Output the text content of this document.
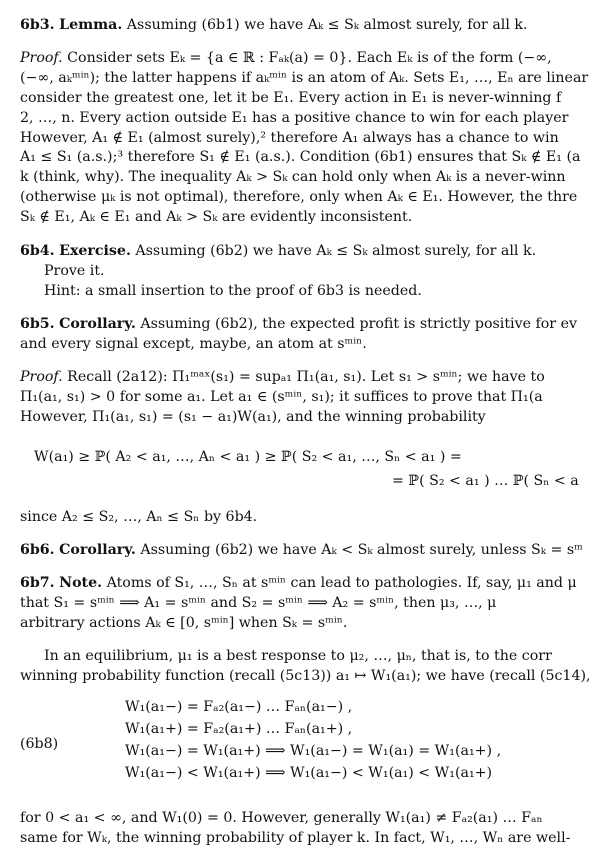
6b3. Lemma. Assuming (6b1) we have Aₖ ≤ Sₖ almost surely, for all k.
Proof. Consider sets Eₖ = {a ∈ ℝ : Fₐₖ(a) = 0}. Each Eₖ is of the form (−∞,
(−∞, aₖᵐⁱⁿ); the latter happens if aₖᵐⁱⁿ is an atom of Aₖ. Sets E₁, …, Eₙ are linear
consider the greatest one, let it be E₁. Every action in E₁ is never-winning f
2, …, n. Every action outside E₁ has a positive chance to win for each player
However, A₁ ∉ E₁ (almost surely),² therefore A₁ always has a chance to win
A₁ ≤ S₁ (a.s.);³ therefore S₁ ∉ E₁ (a.s.). Condition (6b1) ensures that Sₖ ∉ E₁ (a
k (think, why). The inequality Aₖ > Sₖ can hold only when Aₖ is a never-winn
(otherwise μₖ is not optimal), therefore, only when Aₖ ∈ E₁. However, the thre
Sₖ ∉ E₁, Aₖ ∈ E₁ and Aₖ > Sₖ are evidently inconsistent.
6b4. Exercise. Assuming (6b2) we have Aₖ ≤ Sₖ almost surely, for all k.
Prove it.
Hint: a small insertion to the proof of 6b3 is needed.
6b5. Corollary. Assuming (6b2), the expected profit is strictly positive for ev
and every signal except, maybe, an atom at sᵐⁱⁿ.
Proof. Recall (2a12): Π₁ᵐᵃˣ(s₁) = supₐ₁ Π₁(a₁, s₁). Let s₁ > sᵐⁱⁿ; we have to
Π₁(a₁, s₁) > 0 for some a₁. Let a₁ ∈ (sᵐⁱⁿ, s₁); it suffices to prove that Π₁(a
However, Π₁(a₁, s₁) = (s₁ − a₁)W(a₁), and the winning probability
W(a₁) ≥ ℙ( A₂ < a₁, …, Aₙ < a₁ ) ≥ ℙ( S₂ < a₁, …, Sₙ < a₁ ) =
= ℙ( S₂ < a₁ ) … ℙ( Sₙ < a
since A₂ ≤ S₂, …, Aₙ ≤ Sₙ by 6b4.
6b6. Corollary. Assuming (6b2) we have Aₖ < Sₖ almost surely, unless Sₖ = sᵐ
6b7. Note. Atoms of S₁, …, Sₙ at sᵐⁱⁿ can lead to pathologies. If, say, μ₁ and μ
that S₁ = sᵐⁱⁿ ⟹ A₁ = sᵐⁱⁿ and S₂ = sᵐⁱⁿ ⟹ A₂ = sᵐⁱⁿ, then μ₃, …, μ
arbitrary actions Aₖ ∈ [0, sᵐⁱⁿ] when Sₖ = sᵐⁱⁿ.
In an equilibrium, μ₁ is a best response to μ₂, …, μₙ, that is, to the corr
winning probability function (recall (5c13)) a₁ ↦ W₁(a₁); we have (recall (5c14),
(6b8)
W₁(a₁−) = Fₐ₂(a₁−) … Fₐₙ(a₁−) ,
W₁(a₁+) = Fₐ₂(a₁+) … Fₐₙ(a₁+) ,
W₁(a₁−) = W₁(a₁+) ⟹ W₁(a₁−) = W₁(a₁) = W₁(a₁+) ,
W₁(a₁−) < W₁(a₁+) ⟹ W₁(a₁−) < W₁(a₁) < W₁(a₁+)
for 0 < a₁ < ∞, and W₁(0) = 0. However, generally W₁(a₁) ≠ Fₐ₂(a₁) … Fₐₙ
same for Wₖ, the winning probability of player k. In fact, W₁, …, Wₙ are well-
